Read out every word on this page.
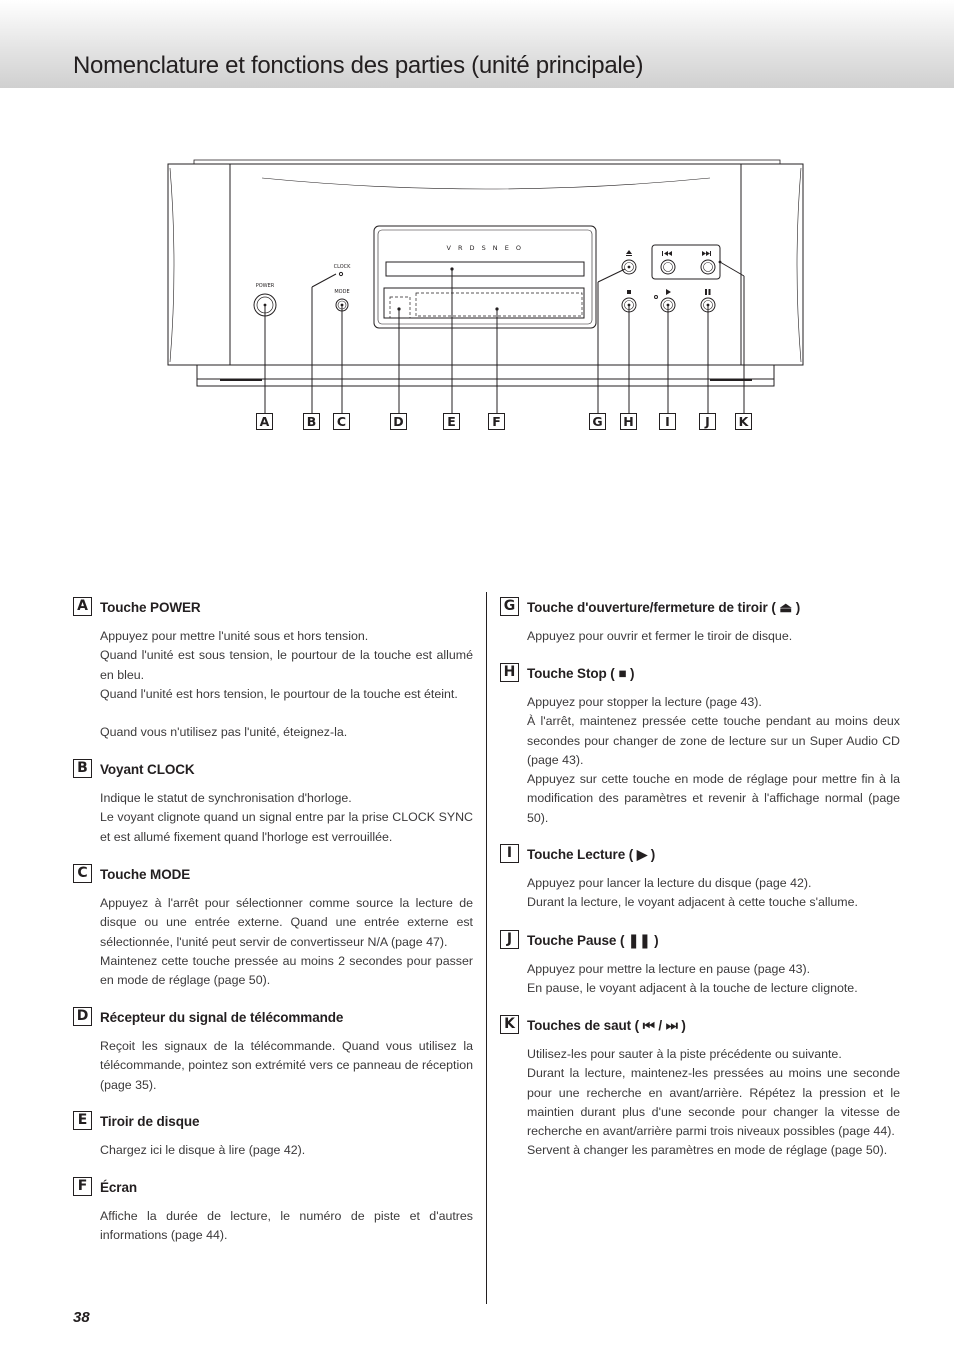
Nomenclature et fonctions des parties (unité principale)
V R D S N E O
POWER
CLOCK
MODE
A	B	C	D	E	F	G H	I	J	K
A Touche POWER

Appuyez pour mettre l'unité sous et hors tension.

Quand l'unité est sous tension, le pourtour de la touche est allumé en bleu.

Quand l'unité est hors tension, le pourtour de la touche est éteint.

Quand vous n'utilisez pas l'unité, éteignez-la.

B Voyant CLOCK

Indique le statut de synchronisation d'horloge.

Le voyant clignote quand un signal entre par la prise CLOCK SYNC et est allumé fixement quand l'horloge est verrouillée.

C Touche MODE

Appuyez à l'arrêt pour sélectionner comme source la lecture de disque ou une entrée externe. Quand une entrée externe est sélectionnée, l'unité peut servir de convertisseur N/A (page 47).

Maintenez cette touche pressée au moins 2 secondes pour passer en mode de réglage (page 50).

D Récepteur du signal de télécommande

Reçoit les signaux de la télécommande. Quand vous utilisez la télécommande, pointez son extrémité vers ce panneau de réception (page 35).

E Tiroir de disque

Chargez ici le disque à lire (page 42).

F Écran

Affiche la durée de lecture, le numéro de piste et d'autres informations (page 44).

G Touche d'ouverture/fermeture de tiroir ( ⏏ )

Appuyez pour ouvrir et fermer le tiroir de disque.

H Touche Stop ( ■ )

Appuyez pour stopper la lecture (page 43).

À l'arrêt, maintenez pressée cette touche pendant au moins deux secondes pour changer de zone de lecture sur un Super Audio CD (page 43).

Appuyez sur cette touche en mode de réglage pour mettre fin à la modification des paramètres et revenir à l'affichage normal (page 50).

I	Touche Lecture ( ▶ )

Appuyez pour lancer la lecture du disque (page 42).

Durant la lecture, le voyant adjacent à cette touche s'allume.

J	Touche Pause ( ❚❚ )

Appuyez pour mettre la lecture en pause (page 43).

En pause, le voyant adjacent à la touche de lecture clignote.

K Touches de saut ( ⏮ / ⏭ )

Utilisez-les pour sauter à la piste précédente ou suivante.

Durant la lecture, maintenez-les pressées au moins une seconde pour une recherche en avant/arrière. Répétez la pression et le maintien durant plus d'une seconde pour changer la vitesse de recherche en avant/arrière parmi trois niveaux possibles (page 44).

Servent à changer les paramètres en mode de réglage (page 50).

38
